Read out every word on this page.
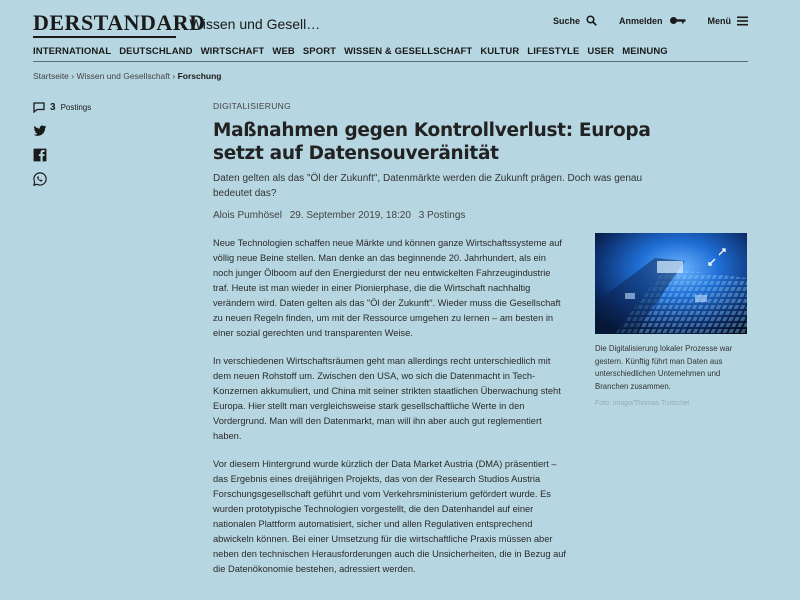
DERSTANDARD
› Wissen und Gesell…	Suche	Anmelden	Menü
INTERNATIONAL DEUTSCHLAND WIRTSCHAFT WEB SPORT WISSEN & GESELLSCHAFT KULTUR LIFESTYLE USER MEINUNG
Startseite › Wissen und Gesellschaft › Forschung
3 Postings	DIGITALISIERUNG
Maßnahmen gegen Kontrollverlust: Europa setzt auf Datensouveränität
Daten gelten als das "Öl der Zukunft", Datenmärkte werden die Zukunft prägen. Doch was genau bedeutet das?
Alois Pumhösel 29. September 2019, 18:20 3 Postings

Neue Technologien schaffen neue Märkte und können ganze Wirtschaftssysteme auf völlig neue Beine stellen. Man denke an das beginnende 20. Jahrhundert, als ein noch junger Ölboom auf den Energiedurst der neu entwickelten Fahrzeugindustrie traf. Heute ist man wieder in einer Pionierphase, die die Wirtschaft nachhaltig verändern wird. Daten gelten als das "Öl der Zukunft". Wieder muss die Gesellschaft zu neuen Regeln finden, um mit der Ressource umgehen zu lernen – am besten in einer sozial gerechten und transparenten Weise.

In verschiedenen Wirtschaftsräumen geht man allerdings recht unterschiedlich mit dem neuen Rohstoff um. Zwischen den USA, wo sich die Datenmacht in Tech-Konzernen akkumuliert, und China mit seiner strikten staatlichen Überwachung steht Europa. Hier stellt man vergleichsweise stark gesellschaftliche Werte in den Vordergrund. Man will den Datenmarkt, man will ihn aber auch gut reglementiert haben.

Vor diesem Hintergrund wurde kürzlich der Data Market Austria (DMA) präsentiert – das Ergebnis eines dreijährigen Projekts, das von der Research Studios Austria Forschungsgesellschaft geführt und vom Verkehrsministerium gefördert wurde. Es wurden prototypische Technologien vorgestellt, die den Datenhandel auf einer nationalen Plattform automatisiert, sicher und allen Regulativen entsprechend abwickeln können. Bei einer Umsetzung für die wirtschaftliche Praxis müssen aber neben den technischen Herausforderungen auch die Unsicherheiten, die in Bezug auf die Datenökonomie bestehen, adressiert werden.

Die Digitalisierung lokaler Prozesse war gestern. Künftig führt man Daten aus unterschiedlichen Unternehmen und Branchen zusammen.
Foto: imago/Thomas Trutschel
